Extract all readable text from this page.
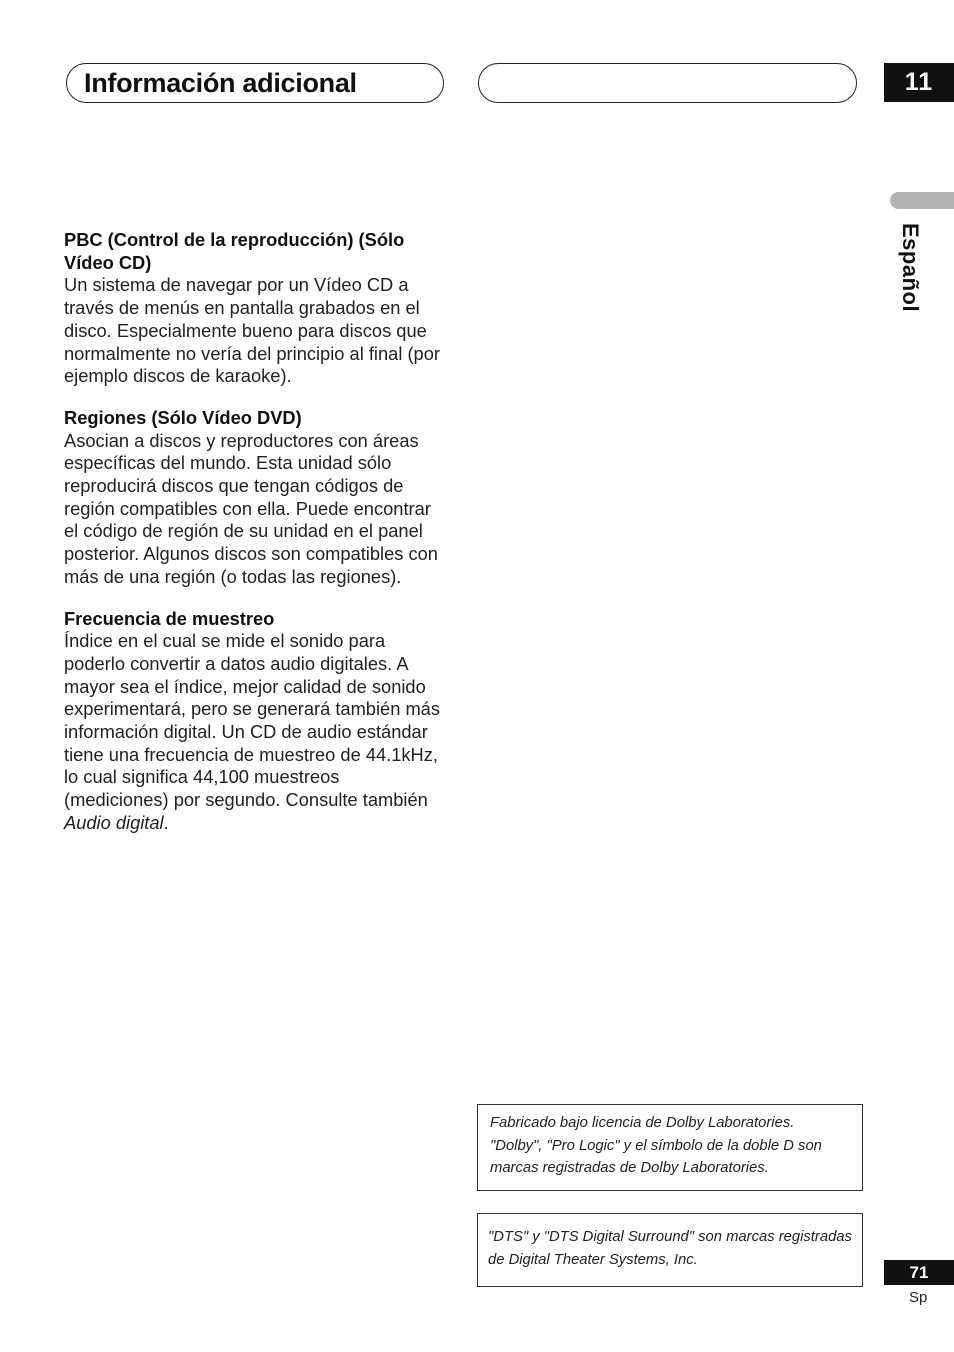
Información adicional	11
Español
PBC (Control de la reproducción) (Sólo Vídeo CD)
Un sistema de navegar por un Vídeo CD a través de menús en pantalla grabados en el disco. Especialmente bueno para discos que normalmente no vería del principio al final (por ejemplo discos de karaoke).
Regiones (Sólo Vídeo DVD)
Asocian a discos y reproductores con áreas específicas del mundo. Esta unidad sólo reproducirá discos que tengan códigos de región compatibles con ella. Puede encontrar el código de región de su unidad en el panel posterior. Algunos discos son compatibles con más de una región (o todas las regiones).
Frecuencia de muestreo
Índice en el cual se mide el sonido para poderlo convertir a datos audio digitales. A mayor sea el índice, mejor calidad de sonido experimentará, pero se generará también más información digital. Un CD de audio estándar tiene una frecuencia de muestreo de 44.1kHz, lo cual significa 44,100 muestreos (mediciones) por segundo. Consulte también Audio digital.
Fabricado bajo licencia de Dolby Laboratories. "Dolby", "Pro Logic" y el símbolo de la doble D son marcas registradas de Dolby Laboratories.
"DTS" y "DTS Digital Surround" son marcas registradas de Digital Theater Systems, Inc.
71
Sp
